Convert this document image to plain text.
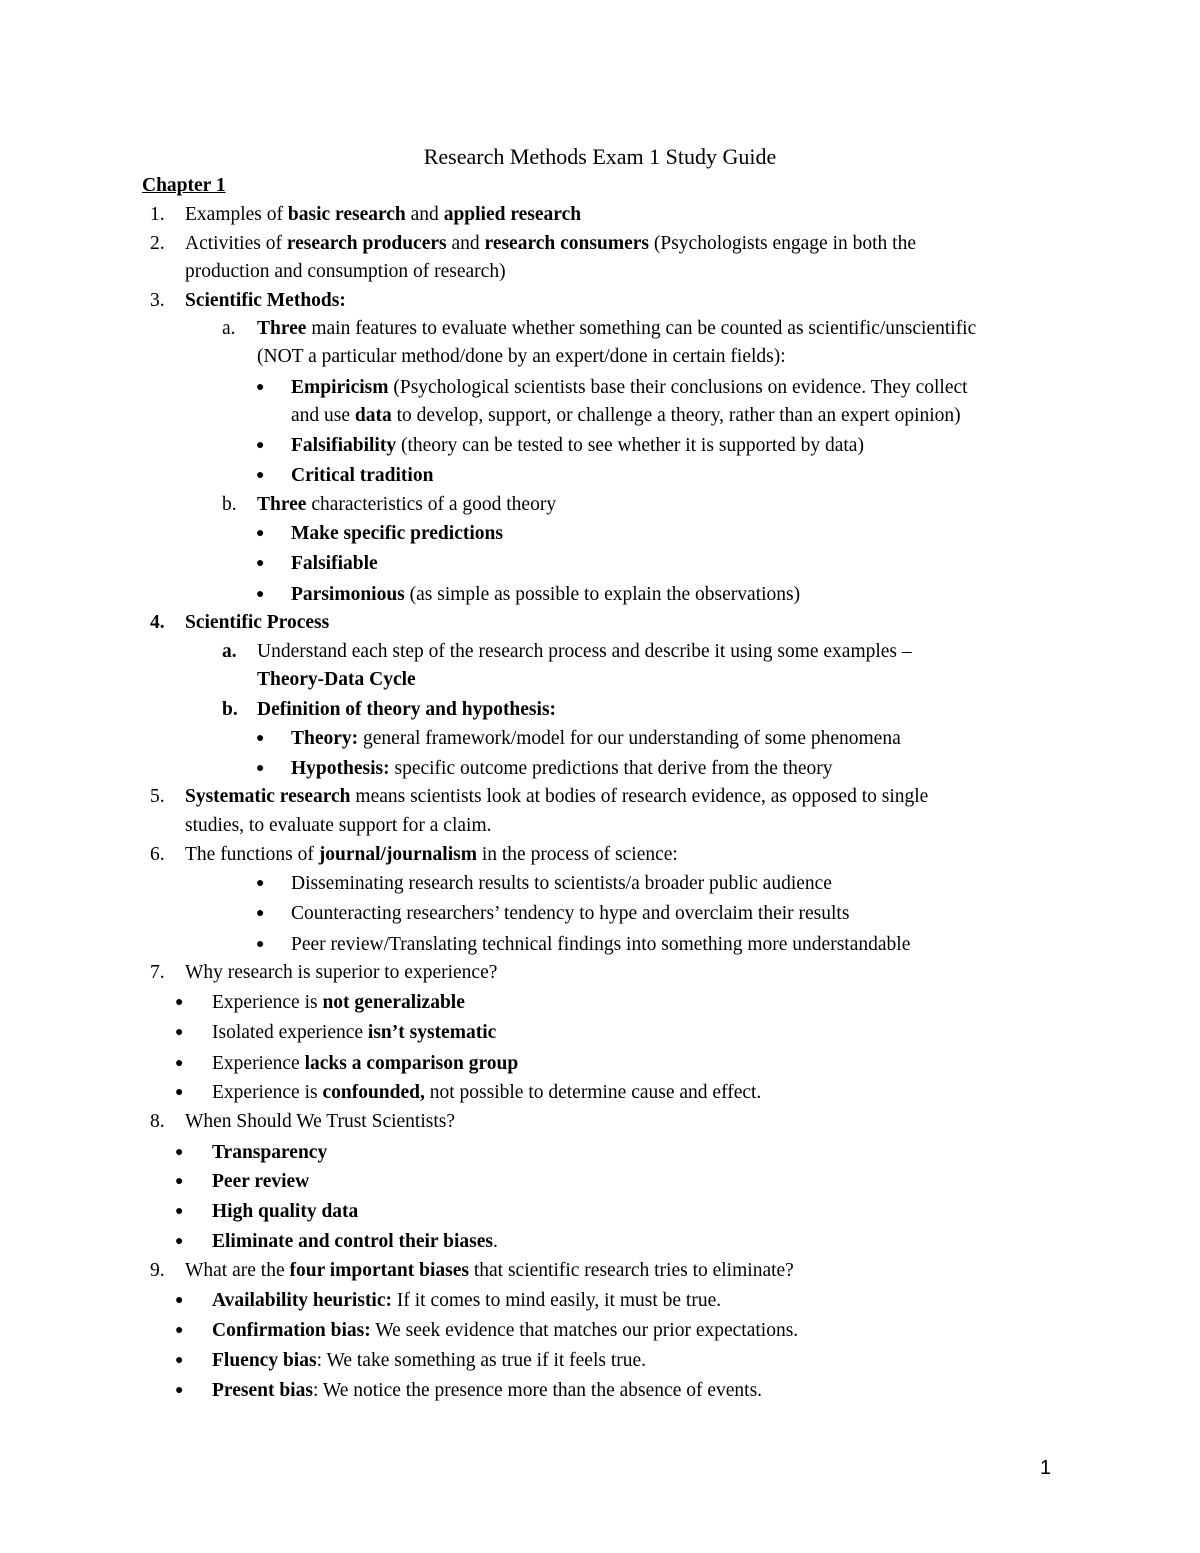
Research Methods Exam 1 Study Guide
Chapter 1
1. Examples of basic research and applied research
2. Activities of research producers and research consumers (Psychologists engage in both the
production and consumption of research)
3. Scientific Methods:
a. Three main features to evaluate whether something can be counted as scientific/unscientific
(NOT a particular method/done by an expert/done in certain fields):
● Empiricism (Psychological scientists base their conclusions on evidence. They collect
and use data to develop, support, or challenge a theory, rather than an expert opinion)
● Falsifiability (theory can be tested to see whether it is supported by data)
● Critical tradition
b. Three characteristics of a good theory
● Make specific predictions
● Falsifiable
● Parsimonious (as simple as possible to explain the observations)
4. Scientific Process
a. Understand each step of the research process and describe it using some examples –
Theory-Data Cycle
b. Definition of theory and hypothesis:
● Theory: general framework/model for our understanding of some phenomena
● Hypothesis: specific outcome predictions that derive from the theory
5. Systematic research means scientists look at bodies of research evidence, as opposed to single
studies, to evaluate support for a claim.
6. The functions of journal/journalism in the process of science:
● Disseminating research results to scientists/a broader public audience
● Counteracting researchers’ tendency to hype and overclaim their results
● Peer review/Translating technical findings into something more understandable
7. Why research is superior to experience?
● Experience is not generalizable
● Isolated experience isn’t systematic
● Experience lacks a comparison group
● Experience is confounded, not possible to determine cause and effect.
8. When Should We Trust Scientists?
● Transparency
● Peer review
● High quality data
● Eliminate and control their biases.
9. What are the four important biases that scientific research tries to eliminate?
● Availability heuristic: If it comes to mind easily, it must be true.
● Confirmation bias: We seek evidence that matches our prior expectations.
● Fluency bias: We take something as true if it feels true.
● Present bias: We notice the presence more than the absence of events.
1
